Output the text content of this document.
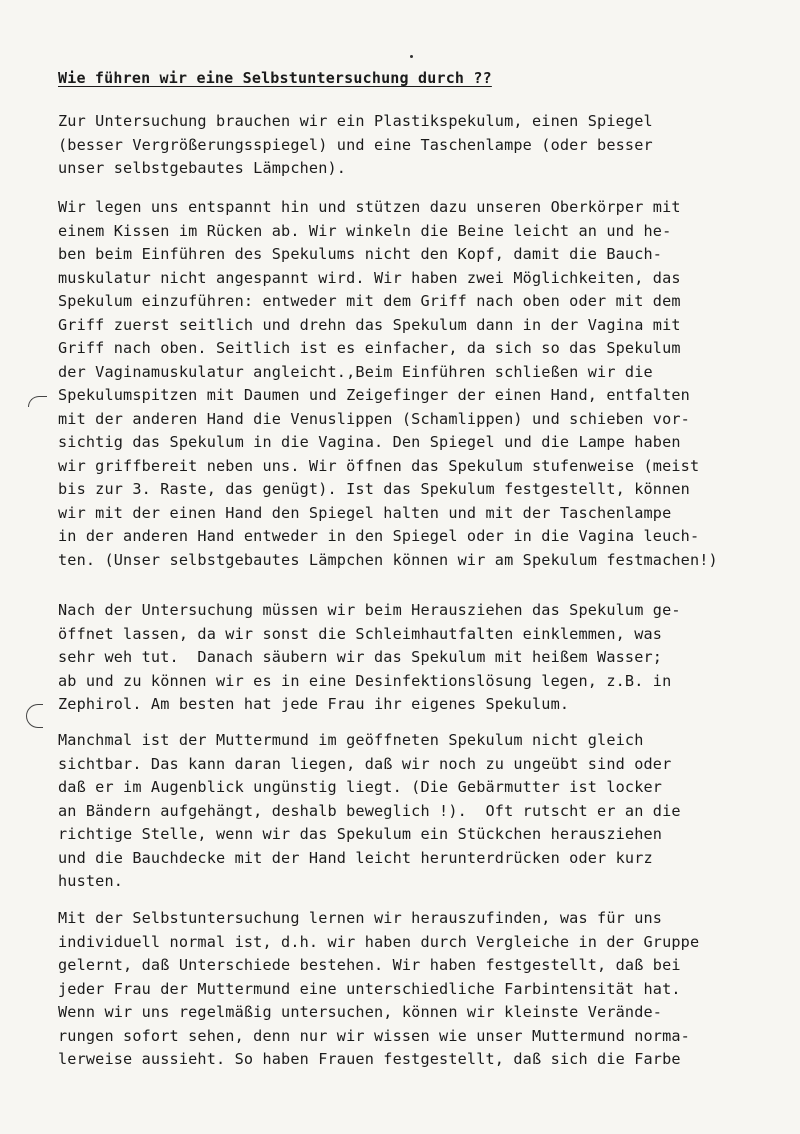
Wie führen wir eine Selbstuntersuchung durch ??
Zur Untersuchung brauchen wir ein Plastikspekulum, einen Spiegel
(besser Vergrößerungsspiegel) und eine Taschenlampe (oder besser
unser selbstgebautes Lämpchen).
Wir legen uns entspannt hin und stützen dazu unseren Oberkörper mit
einem Kissen im Rücken ab. Wir winkeln die Beine leicht an und he-
ben beim Einführen des Spekulums nicht den Kopf, damit die Bauch-
muskulatur nicht angespannt wird. Wir haben zwei Möglichkeiten, das
Spekulum einzuführen: entweder mit dem Griff nach oben oder mit dem
Griff zuerst seitlich und drehn das Spekulum dann in der Vagina mit
Griff nach oben. Seitlich ist es einfacher, da sich so das Spekulum
der Vaginamuskulatur angleicht.,Beim Einführen schließen wir die
Spekulumspitzen mit Daumen und Zeigefinger der einen Hand, entfalten
mit der anderen Hand die Venuslippen (Schamlippen) und schieben vor-
sichtig das Spekulum in die Vagina. Den Spiegel und die Lampe haben
wir griffbereit neben uns. Wir öffnen das Spekulum stufenweise (meist
bis zur 3. Raste, das genügt). Ist das Spekulum festgestellt, können
wir mit der einen Hand den Spiegel halten und mit der Taschenlampe
in der anderen Hand entweder in den Spiegel oder in die Vagina leuch-
ten. (Unser selbstgebautes Lämpchen können wir am Spekulum festmachen!)
Nach der Untersuchung müssen wir beim Herausziehen das Spekulum ge-
öffnet lassen, da wir sonst die Schleimhautfalten einklemmen, was
sehr weh tut.  Danach säubern wir das Spekulum mit heißem Wasser;
ab und zu können wir es in eine Desinfektionslösung legen, z.B. in
Zephirol. Am besten hat jede Frau ihr eigenes Spekulum.
Manchmal ist der Muttermund im geöffneten Spekulum nicht gleich
sichtbar. Das kann daran liegen, daß wir noch zu ungeübt sind oder
daß er im Augenblick ungünstig liegt. (Die Gebärmutter ist locker
an Bändern aufgehängt, deshalb beweglich !).  Oft rutscht er an die
richtige Stelle, wenn wir das Spekulum ein Stückchen herausziehen
und die Bauchdecke mit der Hand leicht herunterdrücken oder kurz
husten.
Mit der Selbstuntersuchung lernen wir herauszufinden, was für uns
individuell normal ist, d.h. wir haben durch Vergleiche in der Gruppe
gelernt, daß Unterschiede bestehen. Wir haben festgestellt, daß bei
jeder Frau der Muttermund eine unterschiedliche Farbintensität hat.
Wenn wir uns regelmäßig untersuchen, können wir kleinste Verände-
rungen sofort sehen, denn nur wir wissen wie unser Muttermund norma-
lerweise aussieht. So haben Frauen festgestellt, daß sich die Farbe
